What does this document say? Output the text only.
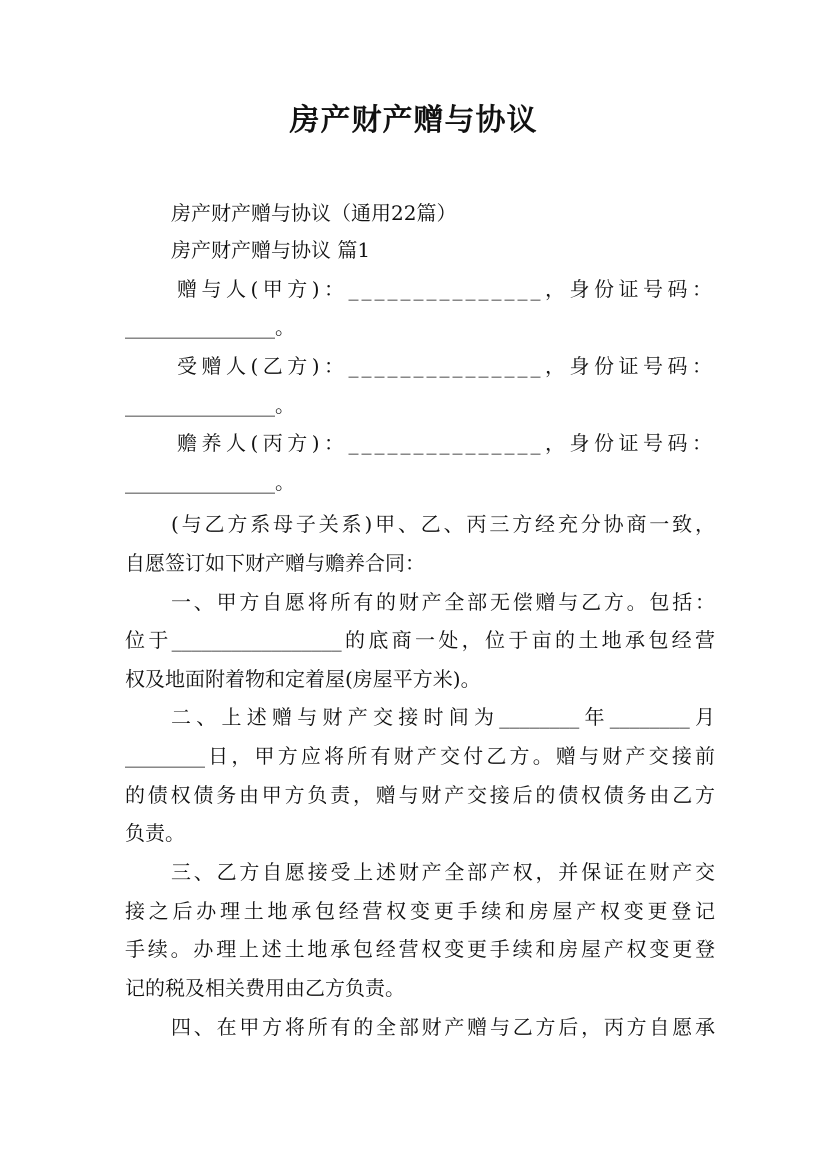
房产财产赠与协议
房产财产赠与协议（通用22篇）
房产财产赠与协议 篇1
赠与人(甲方)：_______________，身份证号码：
_______________。
受赠人(乙方)：_______________，身份证号码：
_______________。
赡养人(丙方)：_______________，身份证号码：
_______________。
(与乙方系母子关系)甲、乙、丙三方经充分协商一致，
自愿签订如下财产赠与赡养合同：
一、甲方自愿将所有的财产全部无偿赠与乙方。包括：
位于_________________的底商一处，位于亩的土地承包经营
权及地面附着物和定着屋(房屋平方米)。
二、上述赠与财产交接时间为________年________月
________日，甲方应将所有财产交付乙方。赠与财产交接前
的债权债务由甲方负责，赠与财产交接后的债权债务由乙方
负责。
三、乙方自愿接受上述财产全部产权，并保证在财产交
接之后办理土地承包经营权变更手续和房屋产权变更登记
手续。办理上述土地承包经营权变更手续和房屋产权变更登
记的税及相关费用由乙方负责。
四、在甲方将所有的全部财产赠与乙方后，丙方自愿承
